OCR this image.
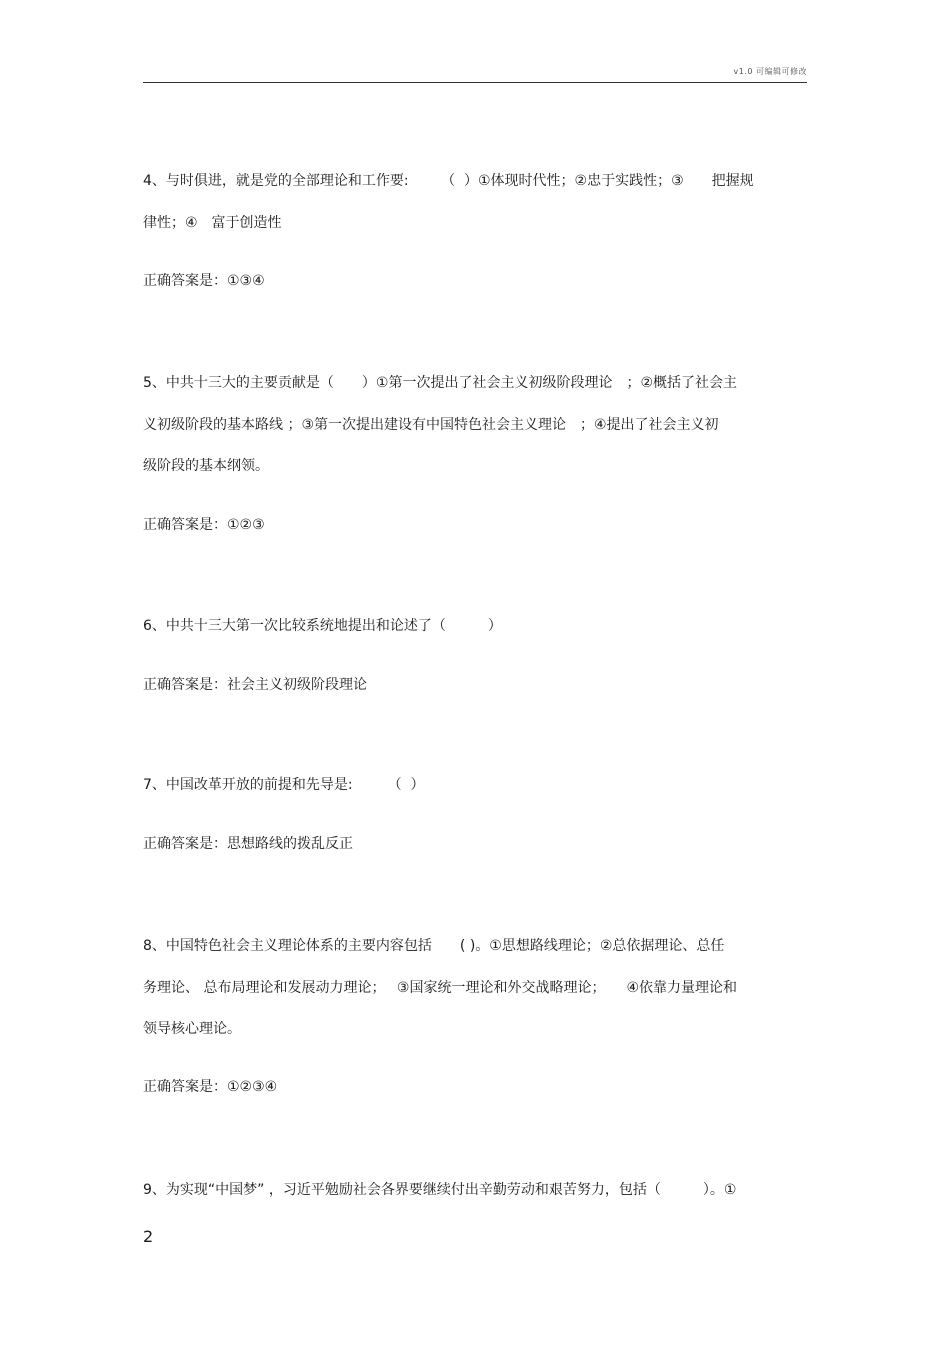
v1.0 可编辑可修改
4、与时俱进，就是党的全部理论和工作要:　　 （  ）①体现时代性；②忠于实践性；③　　把握规
律性；④　富于创造性
正确答案是：①③④
5、中共十三大的主要贡献是（　　）①第一次提出了社会主义初级阶段理论　；②概括了社会主
义初级阶段的基本路线 ；③第一次提出建设有中国特色社会主义理论　；④提出了社会主义初
级阶段的基本纲领。
正确答案是：①②③
6、中共十三大第一次比较系统地提出和论述了（　　　）
正确答案是：社会主义初级阶段理论
7、中国改革开放的前提和先导是:　　　（  ）
正确答案是：思想路线的拨乱反正
8、中国特色社会主义理论体系的主要内容包括　　( )。①思想路线理论；②总依据理论、总任
务理论、 总布局理论和发展动力理论；　 ③国家统一理论和外交战略理论；　　④依靠力量理论和
领导核心理论。
正确答案是：①②③④
9、为实现“中国梦” ，习近平勉励社会各界要继续付出辛勤劳动和艰苦努力，包括（　　　）。①
2
